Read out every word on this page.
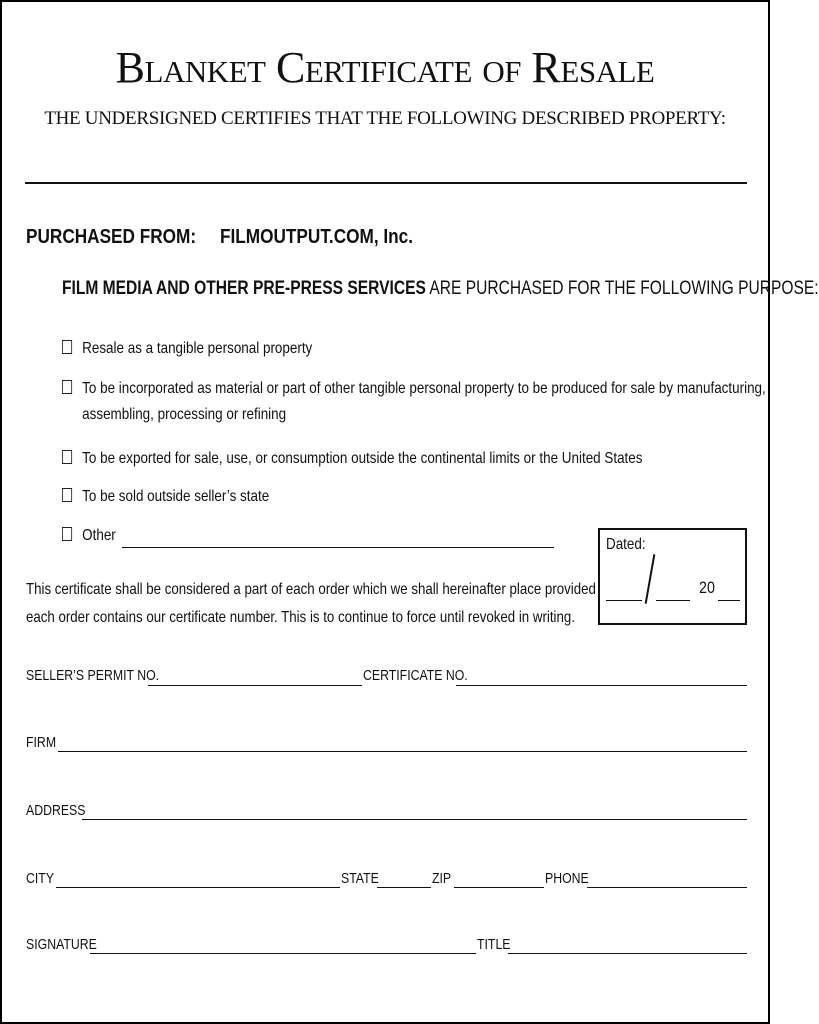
Blanket Certificate of Resale
THE UNDERSIGNED CERTIFIES THAT THE FOLLOWING DESCRIBED PROPERTY:
PURCHASED FROM: FILMOUTPUT.COM, Inc.
FILM MEDIA AND OTHER PRE-PRESS SERVICES ARE PURCHASED FOR THE FOLLOWING PURPOSE:
Resale as a tangible personal property
To be incorporated as material or part of other tangible personal property to be produced for sale by manufacturing,
assembling, processing or refining
To be exported for sale, use, or consumption outside the continental limits or the United States
To be sold outside seller’s state
Other
Dated:
20
This certificate shall be considered a part of each order which we shall hereinafter place provided
each order contains our certificate number. This is to continue to force until revoked in writing.
SELLER’S PERMIT NO.	CERTIFICATE NO.
FIRM
ADDRESS
CITY	STATE	ZIP	PHONE
SIGNATURE	TITLE
